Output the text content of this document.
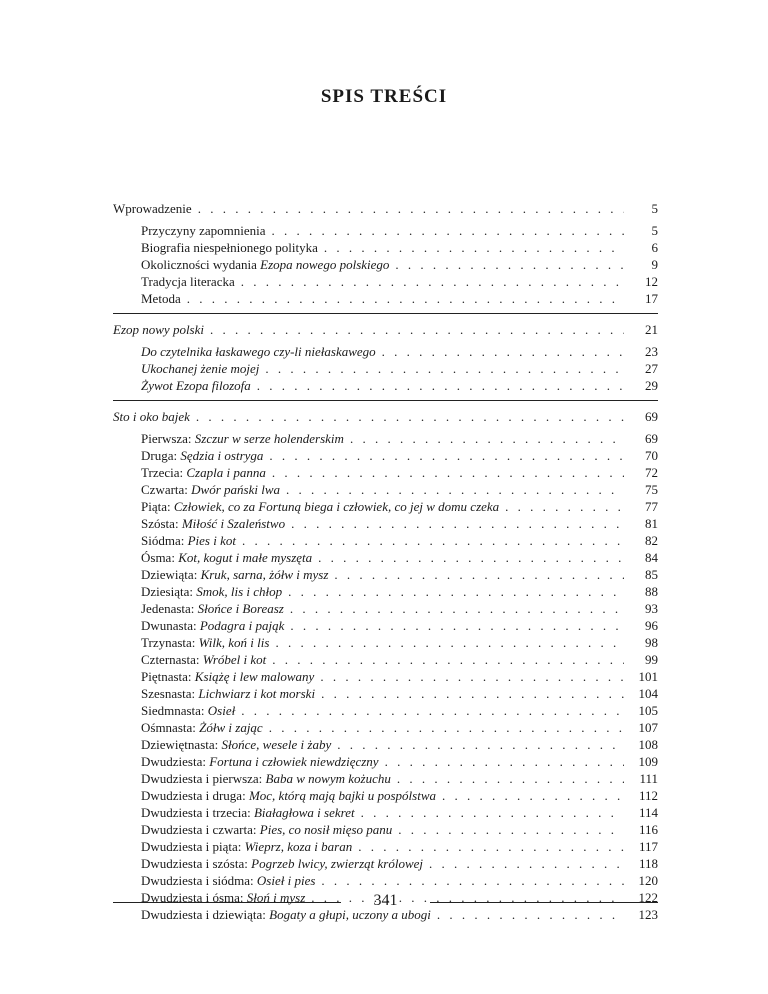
SPIS TREŚCI
Wprowadzenie . . .	5
Przyczyny zapomnienia . . .	5
Biografia niespełnionego polityka . . .	6
Okoliczności wydania Ezopa nowego polskiego . . .	9
Tradycja literacka . . .	12
Metoda . . .	17
Ezop nowy polski . . .	21
Do czytelnika łaskawego czy-li niełaskawego . . .	23
Ukochanej żenie mojej . . .	27
Żywot Ezopa filozofa . . .	29
Sto i oko bajek . . .	69
Pierwsza: Szczur w serze holenderskim . . .	69
Druga: Sędzia i ostryga . . .	70
Trzecia: Czapla i panna . . .	72
Czwarta: Dwór pański lwa . . .	75
Piąta: Człowiek, co za Fortuną biega i człowiek, co jej w domu czeka . . .	77
Szósta: Miłość i Szaleństwo . . .	81
Siódma: Pies i kot . . .	82
Ósma: Kot, kogut i małe myszęta . . .	84
Dziewiąta: Kruk, sarna, żółw i mysz . . .	85
Dziesiąta: Smok, lis i chłop . . .	88
Jedenasta: Słońce i Boreasz . . .	93
Dwunasta: Podagra i pająk . . .	96
Trzynasta: Wilk, koń i lis . . .	98
Czternasta: Wróbel i kot . . .	99
Piętnasta: Książę i lew malowany . . .	101
Szesnasta: Lichwiarz i kot morski . . .	104
Siedmnasta: Osieł . . .	105
Ośmnasta: Żółw i zając . . .	107
Dziewiętnasta: Słońce, wesele i żaby . . .	108
Dwudziesta: Fortuna i człowiek niewdzięczny . . .	109
Dwudziesta i pierwsza: Baba w nowym kożuchu . . .	111
Dwudziesta i druga: Moc, którą mają bajki u pospólstwa . . .	112
Dwudziesta i trzecia: Białagłowa i sekret . . .	114
Dwudziesta i czwarta: Pies, co nosił mięso panu . . .	116
Dwudziesta i piąta: Wieprz, koza i baran . . .	117
Dwudziesta i szósta: Pogrzeb lwicy, zwierząt królowej . . .	118
Dwudziesta i siódma: Osieł i pies . . .	120
Dwudziesta i ósma: Słoń i mysz . . .	122
Dwudziesta i dziewiąta: Bogaty a głupi, uczony a ubogi . . .	123
341
